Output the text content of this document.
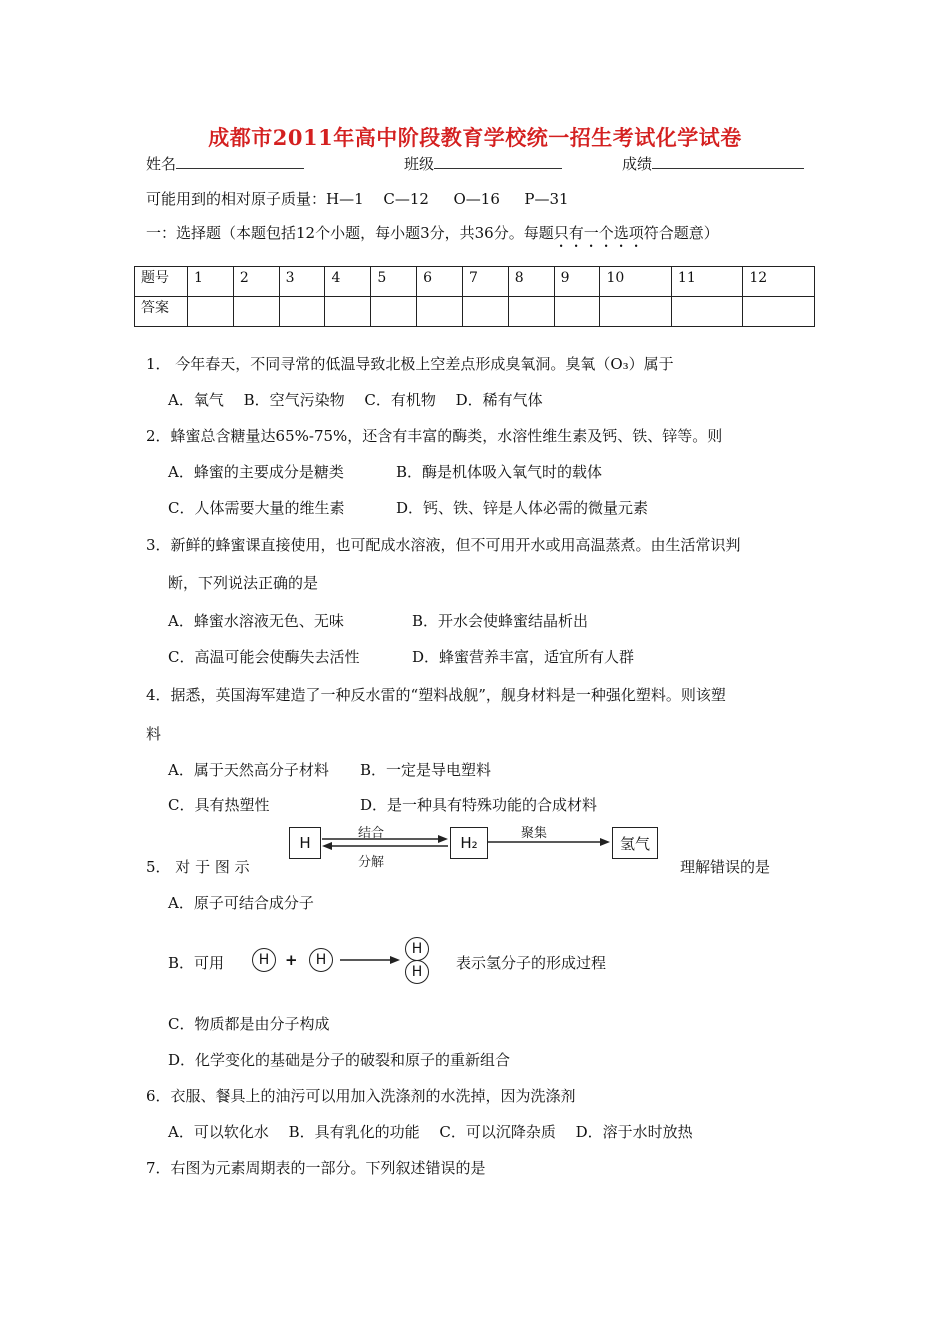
成都市2011年高中阶段教育学校统一招生考试化学试卷
姓名	班级	成绩
可能用到的相对原子质量：H—1 　C—12 　 O—16 　 P—31
一：选择题（本题包括12个小题，每小题3分，共36分。每题只有一个选项符合题意）
题号	1	2	3	4	5	6	7	8	9	10	11	12
答案												
1． 今年春天，不同寻常的低温导致北极上空差点形成臭氧洞。臭氧（O₃）属于
A．氧气　 B．空气污染物　 C．有机物　 D．稀有气体
2．蜂蜜总含糖量达65%-75%，还含有丰富的酶类，水溶性维生素及钙、铁、锌等。则
A．蜂蜜的主要成分是糖类	B．酶是机体吸入氧气时的载体
C．人体需要大量的维生素	D．钙、铁、锌是人体必需的微量元素
3．新鲜的蜂蜜课直接使用，也可配成水溶液，但不可用开水或用高温蒸煮。由生活常识判
断，下列说法正确的是
A．蜂蜜水溶液无色、无味	B．开水会使蜂蜜结晶析出
C．高温可能会使酶失去活性	D．蜂蜜营养丰富，适宜所有人群
4．据悉，英国海军建造了一种反水雷的“塑料战舰”，舰身材料是一种强化塑料。则该塑
料
A．属于天然高分子材料 B．一定是导电塑料
C．具有热塑性	D．是一种具有特殊功能的合成材料
5． 对 于 图 示	理解错误的是
H
结合
分解
H₂
聚集
氢气
A．原子可结合成分子
B．可用	H	+	H →
H
H	表示氢分子的形成过程
C．物质都是由分子构成
D．化学变化的基础是分子的破裂和原子的重新组合
6．衣服、餐具上的油污可以用加入洗涤剂的水洗掉，因为洗涤剂
A．可以软化水　 B．具有乳化的功能　 C．可以沉降杂质　 D．溶于水时放热
7．右图为元素周期表的一部分。下列叙述错误的是
